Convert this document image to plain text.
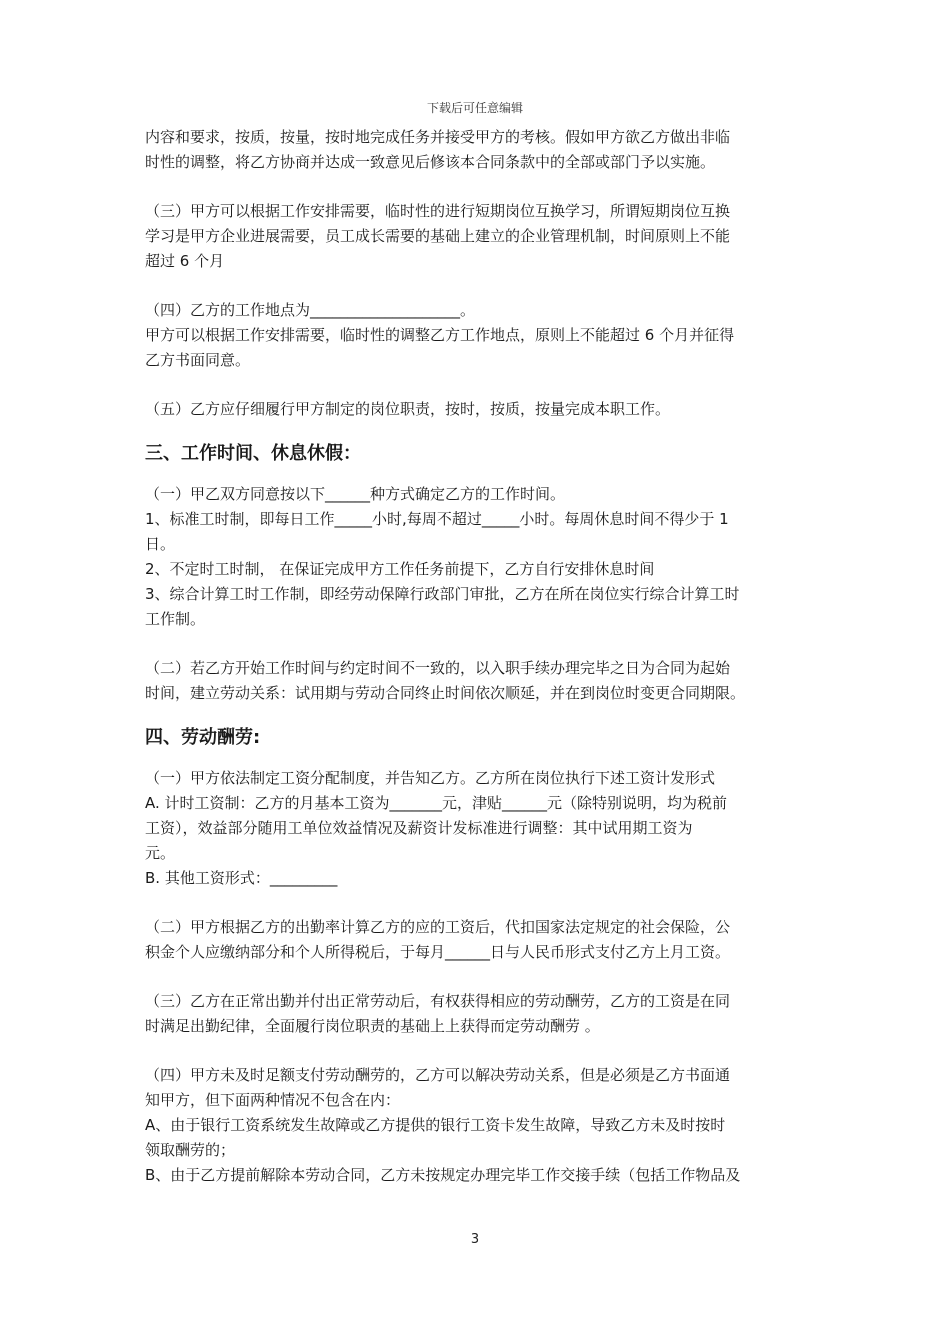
下载后可任意编辑
内容和要求，按质，按量，按时地完成任务并接受甲方的考核。假如甲方欲乙方做出非临
时性的调整，将乙方协商并达成一致意见后修该本合同条款中的全部或部门予以实施。
（三）甲方可以根据工作安排需要，临时性的进行短期岗位互换学习，所谓短期岗位互换
学习是甲方企业进展需要，员工成长需要的基础上建立的企业管理机制，时间原则上不能
超过 6 个月
（四）乙方的工作地点为____________________。
甲方可以根据工作安排需要，临时性的调整乙方工作地点，原则上不能超过 6 个月并征得
乙方书面同意。
（五）乙方应仔细履行甲方制定的岗位职责，按时，按质，按量完成本职工作。
三、工作时间、休息休假：
（一）甲乙双方同意按以下______种方式确定乙方的工作时间。
1、标准工时制，即每日工作_____小时,每周不超过_____小时。每周休息时间不得少于 1
日。
2、不定时工时制， 在保证完成甲方工作任务前提下，乙方自行安排休息时间
3、综合计算工时工作制，即经劳动保障行政部门审批，乙方在所在岗位实行综合计算工时
工作制。
（二）若乙方开始工作时间与约定时间不一致的，以入职手续办理完毕之日为合同为起始
时间，建立劳动关系：试用期与劳动合同终止时间依次顺延，并在到岗位时变更合同期限。
四、劳动酬劳:
（一）甲方依法制定工资分配制度，并告知乙方。乙方所在岗位执行下述工资计发形式
A. 计时工资制：乙方的月基本工资为_______元，津贴______元（除特别说明，均为税前
工资），效益部分随用工单位效益情况及薪资计发标准进行调整：其中试用期工资为
元。
B. 其他工资形式：_________
（二）甲方根据乙方的出勤率计算乙方的应的工资后，代扣国家法定规定的社会保险，公
积金个人应缴纳部分和个人所得税后，于每月______日与人民币形式支付乙方上月工资。
（三）乙方在正常出勤并付出正常劳动后，有权获得相应的劳动酬劳，乙方的工资是在同
时满足出勤纪律，全面履行岗位职责的基础上上获得而定劳动酬劳 。
（四）甲方未及时足额支付劳动酬劳的，乙方可以解决劳动关系，但是必须是乙方书面通
知甲方，但下面两种情况不包含在内：
A、由于银行工资系统发生故障或乙方提供的银行工资卡发生故障，导致乙方未及时按时
领取酬劳的；
B、由于乙方提前解除本劳动合同，乙方未按规定办理完毕工作交接手续（包括工作物品及
3
